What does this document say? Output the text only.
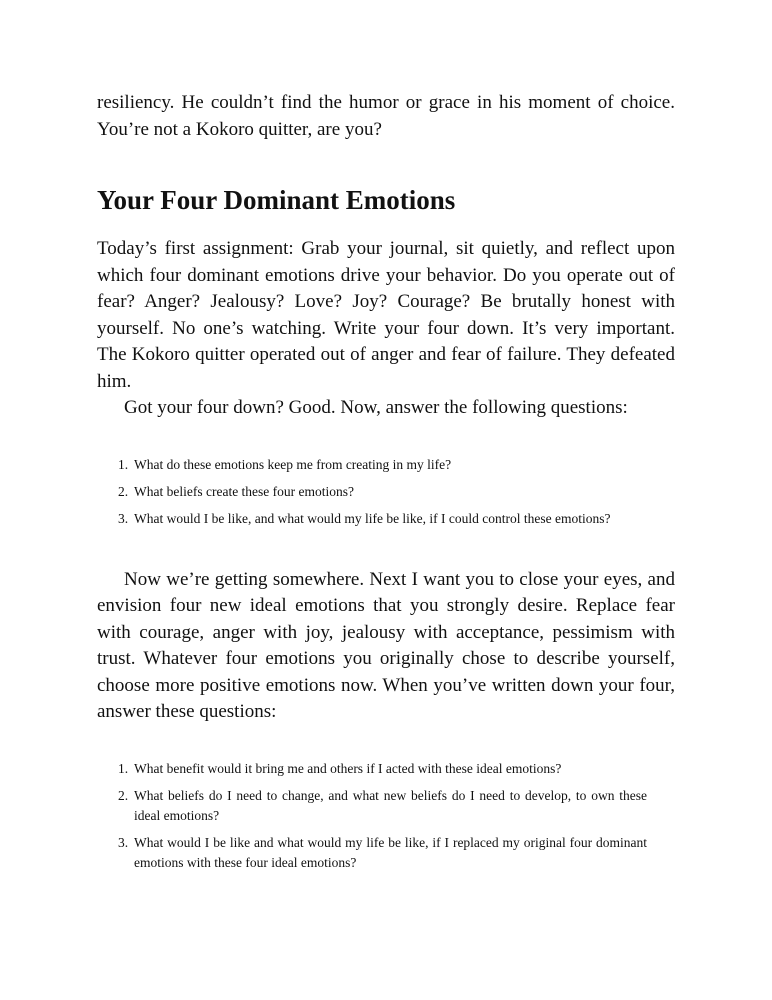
resiliency. He couldn’t find the humor or grace in his moment of choice. You’re not a Kokoro quitter, are you?

Your Four Dominant Emotions

Today’s first assignment: Grab your journal, sit quietly, and reflect upon which four dominant emotions drive your behavior. Do you operate out of fear? Anger? Jealousy? Love? Joy? Courage? Be brutally honest with yourself. No one’s watching. Write your four down. It’s very important. The Kokoro quitter operated out of anger and fear of failure. They defeated him.

Got your four down? Good. Now, answer the following questions:

1. What do these emotions keep me from creating in my life?
2. What beliefs create these four emotions?
3. What would I be like, and what would my life be like, if I could control these emotions?

Now we’re getting somewhere. Next I want you to close your eyes, and envision four new ideal emotions that you strongly desire. Replace fear with courage, anger with joy, jealousy with acceptance, pessimism with trust. Whatever four emotions you originally chose to describe yourself, choose more positive emotions now. When you’ve written down your four, answer these questions:

1. What benefit would it bring me and others if I acted with these ideal emotions?
2. What beliefs do I need to change, and what new beliefs do I need to develop, to own these ideal emotions?
3. What would I be like and what would my life be like, if I replaced my original four dominant emotions with these four ideal emotions?
